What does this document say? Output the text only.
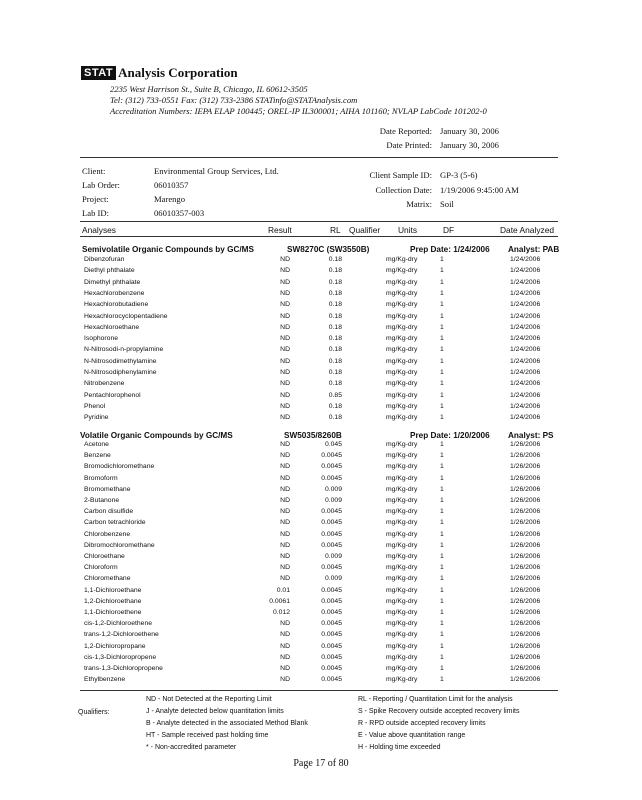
STAT Analysis Corporation
2235 West Harrison St., Suite B, Chicago, IL 60612-3505
Tel: (312) 733-0551 Fax: (312) 733-2386 STATinfo@STATAnalysis.com
Accreditation Numbers: IEPA ELAP 100445; OREL-IP IL300001; AIHA 101160; NVLAP LabCode 101202-0
Date Reported: January 30, 2006
Date Printed: January 30, 2006
Client:	Environmental Group Services, Ltd.
Lab Order:	06010357
Project:	Marengo
Lab ID:	06010357-003
Client Sample ID: GP-3 (5-6)
Collection Date: 1/19/2006 9:45:00 AM
Matrix: Soil
Analyses	Result	RL Qualifier Units	DF	Date Analyzed
Semivolatile Organic Compounds by GC/MS	SW8270C (SW3550B)	Prep Date: 1/24/2006 Analyst: PAB
Dibenzofuran	ND	0.18	mg/Kg-dry	1	1/24/2006
Diethyl phthalate	ND	0.18	mg/Kg-dry	1	1/24/2006
Dimethyl phthalate	ND	0.18	mg/Kg-dry	1	1/24/2006
Hexachlorobenzene	ND	0.18	mg/Kg-dry	1	1/24/2006
Hexachlorobutadiene	ND	0.18	mg/Kg-dry	1	1/24/2006
Hexachlorocyclopentadiene	ND	0.18	mg/Kg-dry	1	1/24/2006
Hexachloroethane	ND	0.18	mg/Kg-dry	1	1/24/2006
Isophorone	ND	0.18	mg/Kg-dry	1	1/24/2006
N-Nitrosodi-n-propylamine	ND	0.18	mg/Kg-dry	1	1/24/2006
N-Nitrosodimethylamine	ND	0.18	mg/Kg-dry	1	1/24/2006
N-Nitrosodiphenylamine	ND	0.18	mg/Kg-dry	1	1/24/2006
Nitrobenzene	ND	0.18	mg/Kg-dry	1	1/24/2006
Pentachlorophenol	ND	0.85	mg/Kg-dry	1	1/24/2006
Phenol	ND	0.18	mg/Kg-dry	1	1/24/2006
Pyridine	ND	0.18	mg/Kg-dry	1	1/24/2006
Volatile Organic Compounds by GC/MS	SW5035/8260B	Prep Date: 1/20/2006 Analyst: PS
Acetone	ND	0.045	mg/Kg-dry	1	1/26/2006
Benzene	ND	0.0045	mg/Kg-dry	1	1/26/2006
Bromodichloromethane	ND	0.0045	mg/Kg-dry	1	1/26/2006
Bromoform	ND	0.0045	mg/Kg-dry	1	1/26/2006
Bromomethane	ND	0.009	mg/Kg-dry	1	1/26/2006
2-Butanone	ND	0.009	mg/Kg-dry	1	1/26/2006
Carbon disulfide	ND	0.0045	mg/Kg-dry	1	1/26/2006
Carbon tetrachloride	ND	0.0045	mg/Kg-dry	1	1/26/2006
Chlorobenzene	ND	0.0045	mg/Kg-dry	1	1/26/2006
Dibromochloromethane	ND	0.0045	mg/Kg-dry	1	1/26/2006
Chloroethane	ND	0.009	mg/Kg-dry	1	1/26/2006
Chloroform	ND	0.0045	mg/Kg-dry	1	1/26/2006
Chloromethane	ND	0.009	mg/Kg-dry	1	1/26/2006
1,1-Dichloroethane	0.01	0.0045	mg/Kg-dry	1	1/26/2006
1,2-Dichloroethane	0.0061	0.0045	mg/Kg-dry	1	1/26/2006
1,1-Dichloroethene	0.012	0.0045	mg/Kg-dry	1	1/26/2006
cis-1,2-Dichloroethene	ND	0.0045	mg/Kg-dry	1	1/26/2006
trans-1,2-Dichloroethene	ND	0.0045	mg/Kg-dry	1	1/26/2006
1,2-Dichloropropane	ND	0.0045	mg/Kg-dry	1	1/26/2006
cis-1,3-Dichloropropene	ND	0.0045	mg/Kg-dry	1	1/26/2006
trans-1,3-Dichloropropene	ND	0.0045	mg/Kg-dry	1	1/26/2006
Ethylbenzene	ND	0.0045	mg/Kg-dry	1	1/26/2006
Qualifiers:
ND - Not Detected at the Reporting Limit
J - Analyte detected below quantitation limits
B - Analyte detected in the associated Method Blank
HT - Sample received past holding time
* - Non-accredited parameter
RL - Reporting / Quantitation Limit for the analysis
S - Spike Recovery outside accepted recovery limits
R - RPD outside accepted recovery limits
E - Value above quantitation range
H - Holding time exceeded
Page 17 of 80
